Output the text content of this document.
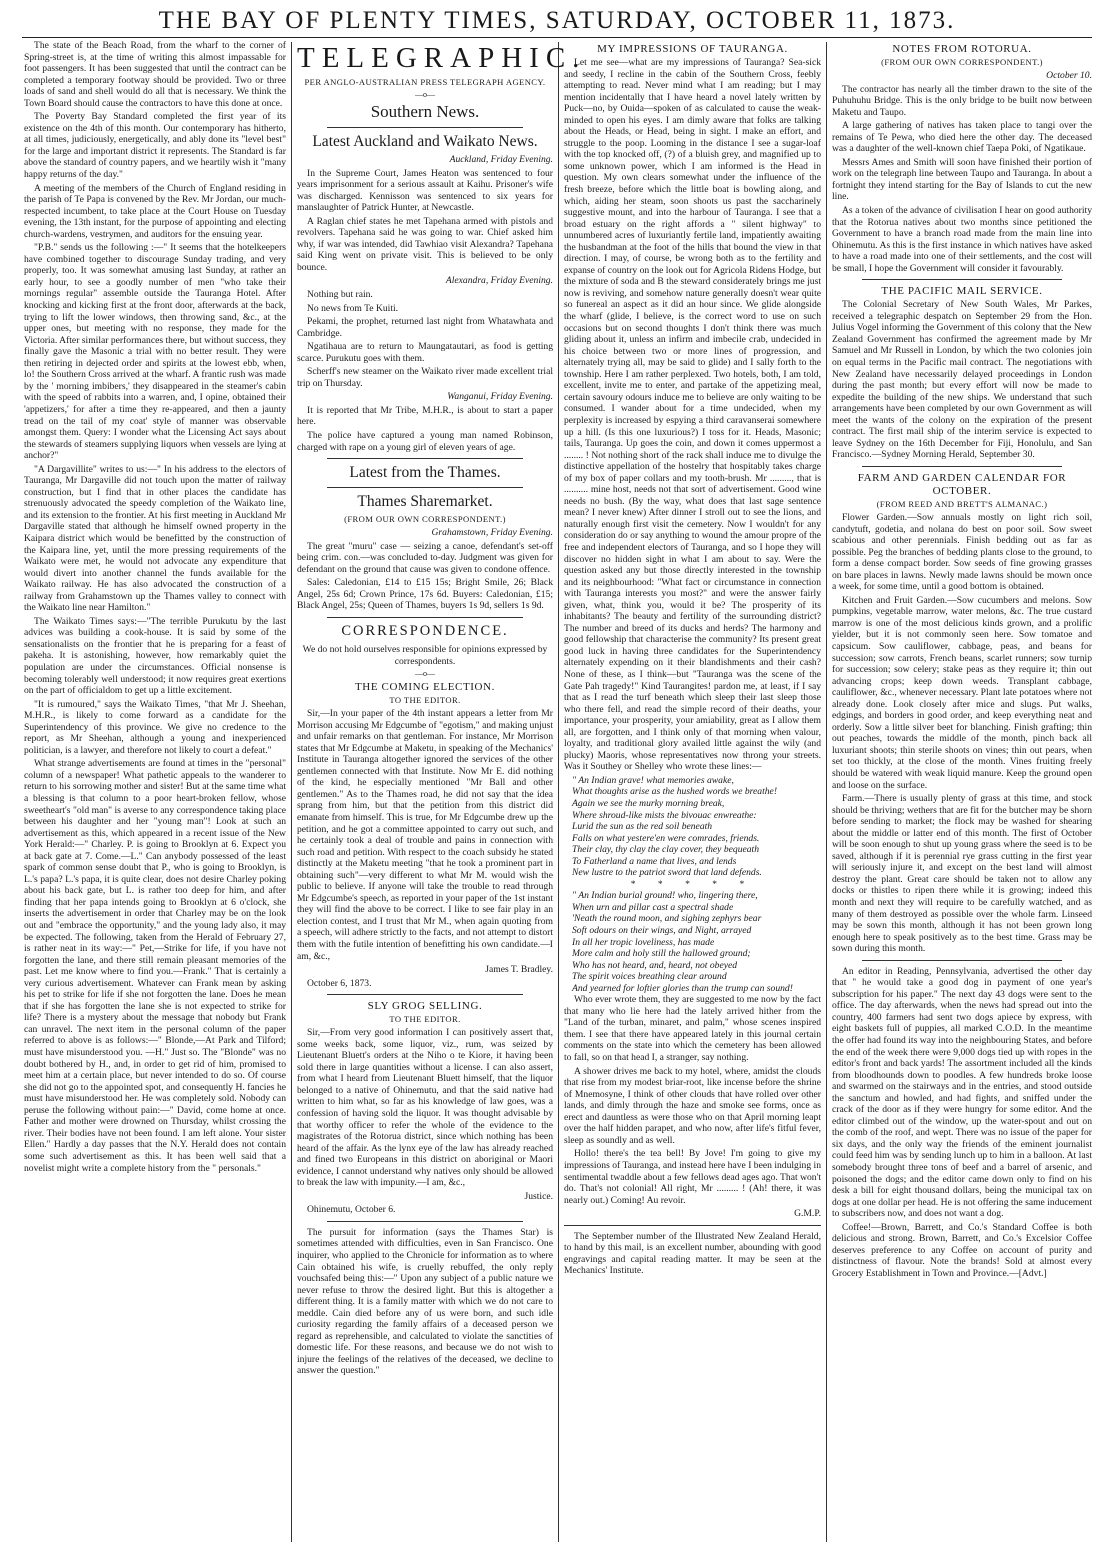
THE BAY OF PLENTY TIMES, SATURDAY, OCTOBER 11, 1873.

The state of the Beach Road, from the wharf to the corner of Spring-street is, at the time of writing this almost impassable for foot passengers. It has been suggested that until the contract can be completed a temporary footway should be provided. Two or three loads of sand and shell would do all that is necessary. We think the Town Board should cause the contractors to have this done at once.

The Poverty Bay Standard completed the first year of its existence on the 4th of this month. Our contemporary has hitherto, at all times, judiciously, energetically, and ably done its "level best" for the large and important district it represents. The Standard is far above the standard of country papers, and we heartily wish it "many happy returns of the day."

A meeting of the members of the Church of England residing in the parish of Te Papa is convened by the Rev. Mr Jordan, our much-respected incumbent, to take place at the Court House on Tuesday evening, the 13th instant, for the purpose of appointing and electing church-wardens, vestrymen, and auditors for the ensuing year.

"P.B." sends us the following :—" It seems that the hotelkeepers have combined together to discourage Sunday trading, and very properly, too. It was somewhat amusing last Sunday, at rather an early hour, to see a goodly number of men "who take their mornings regular" assemble outside the Tauranga Hotel. After knocking and kicking first at the front door, afterwards at the back, trying to lift the lower windows, then throwing sand, &c., at the upper ones, but meeting with no response, they made for the Victoria. After similar performances there, but without success, they finally gave the Masonic a trial with no better result. They were then retiring in dejected order and spirits at the lowest ebb, when, lo! the Southern Cross arrived at the wharf. A frantic rush was made by the ' morning imbibers,' they disappeared in the steamer's cabin with the speed of rabbits into a warren, and, I opine, obtained their 'appetizers,' for after a time they re-appeared, and then a jaunty tread on the tail of my coat' style of manner was observable amongst them. Query: I wonder what the Licensing Act says about the stewards of steamers supplying liquors when vessels are lying at anchor?"

"A Dargavillite" writes to us:—" In his address to the electors of Tauranga, Mr Dargaville did not touch upon the matter of railway construction, but I find that in other places the candidate has strenuously advocated the speedy completion of the Waikato line, and its extension to the frontier. At his first meeting in Auckland Mr Dargaville stated that although he himself owned property in the Kaipara district which would be benefitted by the construction of the Kaipara line, yet, until the more pressing requirements of the Waikato were met, he would not advocate any expenditure that would divert into another channel the funds available for the Waikato railway. He has also advocated the construction of a railway from Grahamstown up the Thames valley to connect with the Waikato line near Hamilton."

The Waikato Times says:—"The terrible Purukutu by the last advices was building a cook-house. It is said by some of the sensationalists on the frontier that he is preparing for a feast of pakeha. It is astonishing, however, how remarkably quiet the population are under the circumstances. Official nonsense is becoming tolerably well understood; it now requires great exertions on the part of officialdom to get up a little excitement.

"It is rumoured," says the Waikato Times, "that Mr J. Sheehan, M.H.R., is likely to come forward as a candidate for the Superintendency of this province. We give no credence to the report, as Mr Sheehan, although a young and inexperienced politician, is a lawyer, and therefore not likely to court a defeat."

What strange advertisements are found at times in the "personal" column of a newspaper! What pathetic appeals to the wanderer to return to his sorrowing mother and sister! But at the same time what a blessing is that column to a poor heart-broken fellow, whose sweetheart's "old man" is averse to any correspondence taking place between his daughter and her "young man"! Look at such an advertisement as this, which appeared in a recent issue of the New York Herald:—" Charley. P. is going to Brooklyn at 6. Expect you at back gate at 7. Come.—L." Can anybody possessed of the least spark of common sense doubt that P., who is going to Brooklyn, is L.'s papa? L.'s papa, it is quite clear, does not desire Charley poking about his back gate, but L. is rather too deep for him, and after finding that her papa intends going to Brooklyn at 6 o'clock, she inserts the advertisement in order that Charley may be on the look out and "embrace the opportunity," and the young lady also, it may be expected. The following, taken from the Herald of February 27, is rather neat in its way:—" Pet,—Strike for life, if you have not forgotten the lane, and there still remain pleasant memories of the past. Let me know where to find you.—Frank." That is certainly a very curious advertisement. Whatever can Frank mean by asking his pet to strike for life if she not forgotten the lane. Does he mean that if she has forgotten the lane she is not expected to strike for life? There is a mystery about the message that nobody but Frank can unravel. The next item in the personal column of the paper referred to above is as follows:—" Blonde,—At Park and Tilford; must have misunderstood you. —H." Just so. The "Blonde" was no doubt bothered by H., and, in order to get rid of him, promised to meet him at a certain place, but never intended to do so. Of course she did not go to the appointed spot, and consequently H. fancies he must have misunderstood her. He was completely sold. Nobody can peruse the following without pain:—" David, come home at once. Father and mother were drowned on Thursday, whilst crossing the river. Their bodies have not been found. I am left alone. Your sister Ellen." Hardly a day passes that the N.Y. Herald does not contain some such advertisement as this. It has been well said that a novelist might write a complete history from the " personals."

TELEGRAPHIC.
PER ANGLO-AUSTRALIAN PRESS TELEGRAPH AGENCY.
—o—
Southern News.
Latest Auckland and Waikato News.

Auckland, Friday Evening.

In the Supreme Court, James Heaton was sentenced to four years imprisonment for a serious assault at Kaihu. Prisoner's wife was discharged. Kennisson was sentenced to six years for manslaughter of Patrick Hunter, at Newcastle.

A Raglan chief states he met Tapehana armed with pistols and revolvers. Tapehana said he was going to war. Chief asked him why, if war was intended, did Tawhiao visit Alexandra? Tapehana said King went on private visit. This is believed to be only bounce.

Alexandra, Friday Evening.

Nothing but rain.

No news from Te Kuiti.

Pekami, the prophet, returned last night from Whatawhata and Cambridge.

Ngatihaua are to return to Maungatautari, as food is getting scarce. Purukutu goes with them.

Scherff's new steamer on the Waikato river made excellent trial trip on Thursday.

Wanganui, Friday Evening.

It is reported that Mr Tribe, M.H.R., is about to start a paper here.

The police have captured a young man named Robinson, charged with rape on a young girl of eleven years of age.

Latest from the Thames.
Thames Sharemarket.
(FROM OUR OWN CORRESPONDENT.)

Grahamstown, Friday Evening.

The great "muru" case — seizing a canoe, defendant's set-off being crim. con.—was concluded to-day. Judgment was given for defendant on the ground that cause was given to condone offence.

Sales: Caledonian, £14 to £15 15s; Bright Smile, 26; Black Angel, 25s 6d; Crown Prince, 17s 6d. Buyers: Caledonian, £15; Black Angel, 25s; Queen of Thames, buyers 1s 9d, sellers 1s 9d.

CORRESPONDENCE.

We do not hold ourselves responsible for opinions expressed by correspondents.

—o—
THE COMING ELECTION.
TO THE EDITOR.

Sir,—In your paper of the 4th instant appears a letter from Mr Morrison accusing Mr Edgcumbe of "egotism," and making unjust and unfair remarks on that gentleman. For instance, Mr Morrison states that Mr Edgcumbe at Maketu, in speaking of the Mechanics' Institute in Tauranga altogether ignored the services of the other gentlemen connected with that Institute. Now Mr E. did nothing of the kind, he especially mentioned "Mr Ball and other gentlemen." As to the Thames road, he did not say that the idea sprang from him, but that the petition from this district did emanate from himself. This is true, for Mr Edgcumbe drew up the petition, and he got a committee appointed to carry out such, and he certainly took a deal of trouble and pains in connection with such road and petition. With respect to the coach subsidy he stated distinctly at the Maketu meeting "that he took a prominent part in obtaining such"—very different to what Mr M. would wish the public to believe. If anyone will take the trouble to read through Mr Edgcumbe's speech, as reported in your paper of the 1st instant they will find the above to be correct. I like to see fair play in an election contest, and I trust that Mr M., when again quoting from a speech, will adhere strictly to the facts, and not attempt to distort them with the futile intention of benefitting his own candidate.—I am, &c.,

James T. Bradley.

October 6, 1873.

SLY GROG SELLING.
TO THE EDITOR.

Sir,—From very good information I can positively assert that, some weeks back, some liquor, viz., rum, was seized by Lieutenant Bluett's orders at the Niho o te Kiore, it having been sold there in large quantities without a license. I can also assert, from what I heard from Lieutenant Bluett himself, that the liquor belonged to a native of Ohinemutu, and that the said native had written to him what, so far as his knowledge of law goes, was a confession of having sold the liquor. It was thought advisable by that worthy officer to refer the whole of the evidence to the magistrates of the Rotorua district, since which nothing has been heard of the affair. As the lynx eye of the law has already reached and fined two Europeans in this district on aboriginal or Maori evidence, I cannot understand why natives only should be allowed to break the law with impunity.—I am, &c.,

Justice.

Ohinemutu, October 6.

The pursuit for information (says the Thames Star) is sometimes attended with difficulties, even in San Francisco. One inquirer, who applied to the Chronicle for information as to where Cain obtained his wife, is cruelly rebuffed, the only reply vouchsafed being this:—" Upon any subject of a public nature we never refuse to throw the desired light. But this is altogether a different thing. It is a family matter with which we do not care to meddle. Cain died before any of us were born, and such idle curiosity regarding the family affairs of a deceased person we regard as reprehensible, and calculated to violate the sanctities of domestic life. For these reasons, and because we do not wish to injure the feelings of the relatives of the deceased, we decline to answer the question."

MY IMPRESSIONS OF TAURANGA.

Let me see—what are my impressions of Tauranga? Sea-sick and seedy, I recline in the cabin of the Southern Cross, feebly attempting to read. Never mind what I am reading; but I may mention incidentally that I have heard a novel lately written by Puck—no, by Ouida—spoken of as calculated to cause the weak-minded to open his eyes. I am dimly aware that folks are talking about the Heads, or Head, being in sight. I make an effort, and struggle to the poop. Looming in the distance I see a sugar-loaf with the top knocked off, (?) of a bluish grey, and magnified up to some unknown power, which I am informed is the Head in question. My own clears somewhat under the influence of the fresh breeze, before which the little boat is bowling along, and which, aiding her steam, soon shoots us past the saccharinely suggestive mount, and into the harbour of Tauranga. I see that a broad estuary on the right affords a " silent highway" to unnumbered acres of luxuriantly fertile land, impatiently awaiting the husbandman at the foot of the hills that bound the view in that direction. I may, of course, be wrong both as to the fertility and expanse of country on the look out for Agricola Ridens Hodge, but the mixture of soda and B the steward considerately brings me just now is reviving, and somehow nature generally doesn't wear quite so funereal an aspect as it did an hour since. We glide alongside the wharf (glide, I believe, is the correct word to use on such occasions but on second thoughts I don't think there was much gliding about it, unless an infirm and imbecile crab, undecided in his choice between two or more lines of progression, and alternately trying all, may be said to glide) and I sally forth to the township. Here I am rather perplexed. Two hotels, both, I am told, excellent, invite me to enter, and partake of the appetizing meal, certain savoury odours induce me to believe are only waiting to be consumed. I wander about for a time undecided, when my perplexity is increased by espying a third caravanserai somewhere up a hill. (Is this one luxurious?) I toss for it. Heads, Masonic; tails, Tauranga. Up goes the coin, and down it comes uppermost a ........ ! Not nothing short of the rack shall induce me to divulge the distinctive appellation of the hostelry that hospitably takes charge of my box of paper collars and my tooth-brush. Mr ........., that is .......... mine host, needs not that sort of advertisement. Good wine needs no bush. (By the way, what does that last sage sentence mean? I never knew) After dinner I stroll out to see the lions, and naturally enough first visit the cemetery. Now I wouldn't for any consideration do or say anything to wound the amour propre of the free and independent electors of Tauranga, and so I hope they will discover no hidden sight in what I am about to say. Were the question asked any but those directly interested in the township and its neighbourhood: "What fact or circumstance in connection with Tauranga interests you most?" and were the answer fairly given, what, think you, would it be? The prosperity of its inhabitants? The beauty and fertility of the surrounding district? The number and breed of its ducks and herds? The harmony and good fellowship that characterise the community? Its present great good luck in having three candidates for the Superintendency alternately expending on it their blandishments and their cash? None of these, as I think—but "Tauranga was the scene of the Gate Pah tragedy!" Kind Taurangites! pardon me, at least, if I say that as I read the turf beneath which sleep their last sleep those who there fell, and read the simple record of their deaths, your importance, your prosperity, your amiability, great as I allow them all, are forgotten, and I think only of that morning when valour, loyalty, and traditional glory availed little against the wily (and plucky) Maoris, whose representatives now throng your streets. Was it Southey or Shelley who wrote these lines:—

" An Indian grave! what memories awake,

What thoughts arise as the hushed words we breathe!

Again we see the murky morning break,

Where shroud-like mists the bivouac enwreathe:

Lurid the sun as the red soil beneath

Falls on what yestere'en were comrades, friends.

Their clay, thy clay the clay cover, they bequeath

To Fatherland a name that lives, and lends

New lustre to the patriot sword that land defends.

* * * * *

" An Indian burial ground! who, lingering there,

When urn and pillar cast a spectral shade

'Neath the round moon, and sighing zephyrs bear

Soft odours on their wings, and Night, arrayed

In all her tropic loveliness, has made

More calm and holy still the hallowed ground;

Who has not heard, and, heard, not obeyed

The spirit voices breathing clear around

And yearned for loftier glories than the trump can sound!

Who ever wrote them, they are suggested to me now by the fact that many who lie here had the lately arrived hither from the "Land of the turban, minaret, and palm," whose scenes inspired them. I see that there have appeared lately in this journal certain comments on the state into which the cemetery has been allowed to fall, so on that head I, a stranger, say nothing.

A shower drives me back to my hotel, where, amidst the clouds that rise from my modest briar-root, like incense before the shrine of Mnemosyne, I think of other clouds that have rolled over other lands, and dimly through the haze and smoke see forms, once as erect and dauntless as were those who on that April morning leapt over the half hidden parapet, and who now, after life's fitful fever, sleep as soundly and as well.

Hollo! there's the tea bell! By Jove! I'm going to give my impressions of Tauranga, and instead here have I been indulging in sentimental twaddle about a few fellows dead ages ago. That won't do. That's not colonial! All right, Mr ......... ! (Ah! there, it was nearly out.) Coming! Au revoir.

G.M.P.

The September number of the Illustrated New Zealand Herald, to hand by this mail, is an excellent number, abounding with good engravings and capital reading matter. It may be seen at the Mechanics' Institute.

NOTES FROM ROTORUA.
(FROM OUR OWN CORRESPONDENT.)

October 10.

The contractor has nearly all the timber drawn to the site of the Puhuhuhu Bridge. This is the only bridge to be built now between Maketu and Taupo.

A large gathering of natives has taken place to tangi over the remains of Te Pewa, who died here the other day. The deceased was a daughter of the well-known chief Taepa Poki, of Ngatikaue.

Messrs Ames and Smith will soon have finished their portion of work on the telegraph line between Taupo and Tauranga. In about a fortnight they intend starting for the Bay of Islands to cut the new line.

As a token of the advance of civilisation I hear on good authority that the Rotorua natives about two months since petitioned the Government to have a branch road made from the main line into Ohinemutu. As this is the first instance in which natives have asked to have a road made into one of their settlements, and the cost will be small, I hope the Government will consider it favourably.

THE PACIFIC MAIL SERVICE.

The Colonial Secretary of New South Wales, Mr Parkes, received a telegraphic despatch on September 29 from the Hon. Julius Vogel informing the Government of this colony that the New Zealand Government has confirmed the agreement made by Mr Samuel and Mr Russell in London, by which the two colonies join on equal terms in the Pacific mail contract. The negotiations with New Zealand have necessarily delayed proceedings in London during the past month; but every effort will now be made to expedite the building of the new ships. We understand that such arrangements have been completed by our own Government as will meet the wants of the colony on the expiration of the present contract. The first mail ship of the interim service is expected to leave Sydney on the 16th December for Fiji, Honolulu, and San Francisco.—Sydney Morning Herald, September 30.

FARM AND GARDEN CALENDAR FOR OCTOBER.
(FROM REED AND BRETT'S ALMANAC.)

Flower Garden.—Sow annuals mostly on light rich soil, candytuft, godetia, and nolana do best on poor soil. Sow sweet scabious and other perennials. Finish bedding out as far as possible. Peg the branches of bedding plants close to the ground, to form a dense compact border. Sow seeds of fine growing grasses on bare places in lawns. Newly made lawns should be mown once a week, for some time, until a good bottom is obtained.

Kitchen and Fruit Garden.—Sow cucumbers and melons. Sow pumpkins, vegetable marrow, water melons, &c. The true custard marrow is one of the most delicious kinds grown, and a prolific yielder, but it is not commonly seen here. Sow tomatoe and capsicum. Sow cauliflower, cabbage, peas, and beans for succession; sow carrots, French beans, scarlet runners; sow turnip for succession; sow celery; stake peas as they require it; thin out advancing crops; keep down weeds. Transplant cabbage, cauliflower, &c., whenever necessary. Plant late potatoes where not already done. Look closely after mice and slugs. Put walks, edgings, and borders in good order, and keep everything neat and orderly. Sow a little silver beet for blanching. Finish grafting; thin out peaches, towards the middle of the month, pinch back all luxuriant shoots; thin sterile shoots on vines; thin out pears, when set too thickly, at the close of the month. Vines fruiting freely should be watered with weak liquid manure. Keep the ground open and loose on the surface.

Farm.—There is usually plenty of grass at this time, and stock should be thriving; wethers that are fit for the butcher may be shorn before sending to market; the flock may be washed for shearing about the middle or latter end of this month. The first of October will be soon enough to shut up young grass where the seed is to be saved, although if it is perennial rye grass cutting in the first year will seriously injure it, and except on the best land will almost destroy the plant. Great care should be taken not to allow any docks or thistles to ripen there while it is growing; indeed this month and next they will require to be carefully watched, and as many of them destroyed as possible over the whole farm. Linseed may be sown this month, although it has not been grown long enough here to speak positively as to the best time. Grass may be sown during this month.

An editor in Reading, Pennsylvania, advertised the other day that " he would take a good dog in payment of one year's subscription for his paper." The next day 43 dogs were sent to the office. The day afterwards, when the news had spread out into the country, 400 farmers had sent two dogs apiece by express, with eight baskets full of puppies, all marked C.O.D. In the meantime the offer had found its way into the neighbouring States, and before the end of the week there were 9,000 dogs tied up with ropes in the editor's front and back yards! The assortment included all the kinds from bloodhounds down to poodles. A few hundreds broke loose and swarmed on the stairways and in the entries, and stood outside the sanctum and howled, and had fights, and sniffed under the crack of the door as if they were hungry for some editor. And the editor climbed out of the window, up the water-spout and out on the comb of the roof, and wept. There was no issue of the paper for six days, and the only way the friends of the eminent journalist could feed him was by sending lunch up to him in a balloon. At last somebody brought three tons of beef and a barrel of arsenic, and poisoned the dogs; and the editor came down only to find on his desk a bill for eight thousand dollars, being the municipal tax on dogs at one dollar per head. He is not offering the same inducement to subscribers now, and does not want a dog.

Coffee!—Brown, Barrett, and Co.'s Standard Coffee is both delicious and strong. Brown, Barrett, and Co.'s Excelsior Coffee deserves preference to any Coffee on account of purity and distinctness of flavour. Note the brands! Sold at almost every Grocery Establishment in Town and Province.—[Advt.]
